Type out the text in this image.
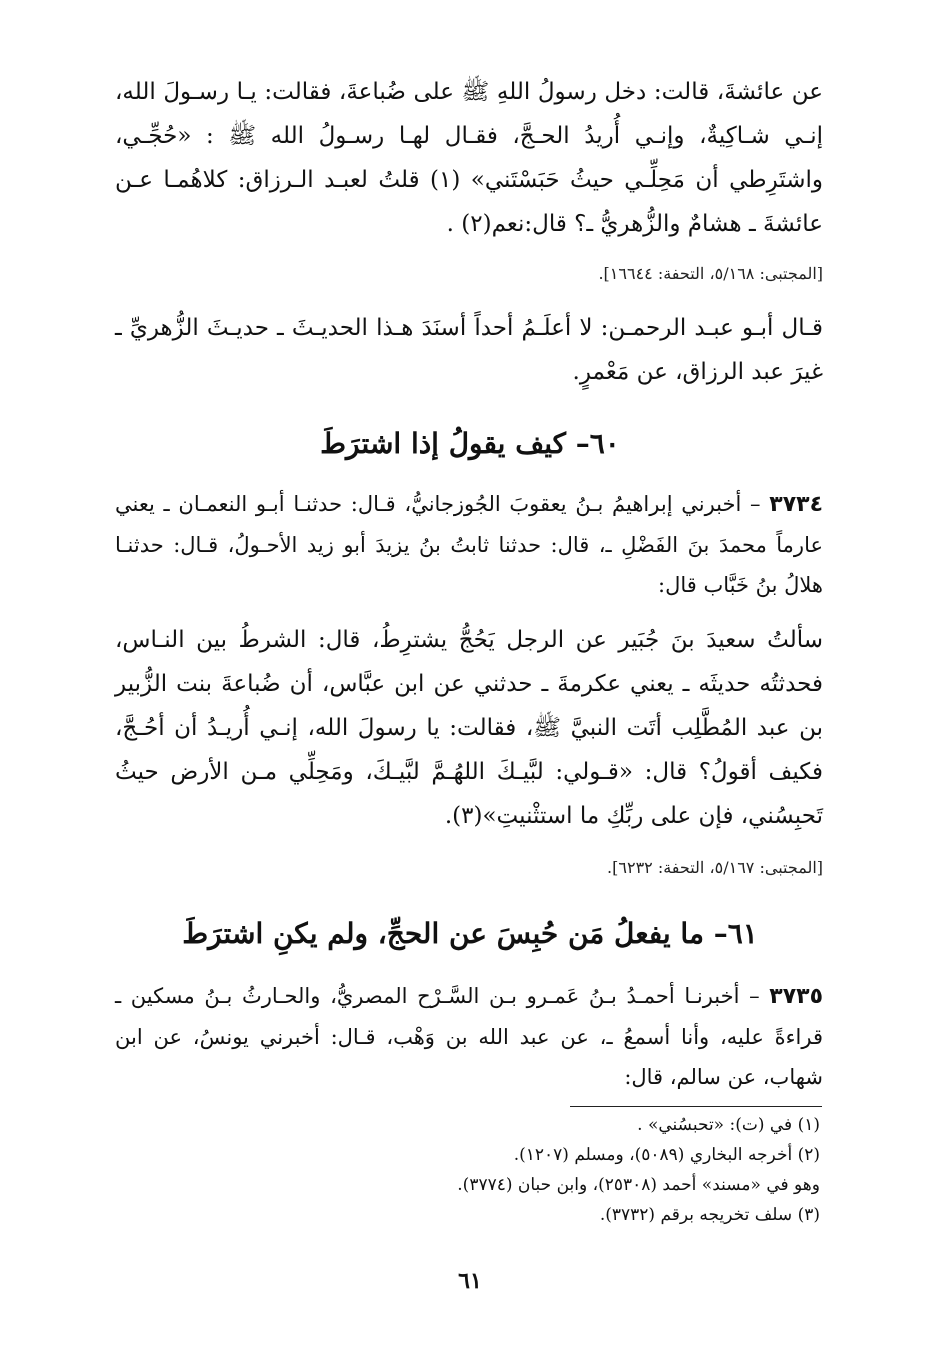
عن عائشةَ، قالت: دخل رسولُ اللهِ ﷺ على ضُباعةَ، فقالت: يـا رسـولَ الله، إنـي شـاكِيةٌ، وإنـي أُريدُ الحـجَّ، فقـال لهـا رسـولُ الله ﷺ : «حُجِّـي، واشتَرِطي أن مَحِلِّـي حيثُ حَبَسْتَني» (١) قلتُ لعبـد الـرزاق: كلاهُمـا عـن عائشةَ ـ هشامٌ والزُّهريُّ ـ؟ قال:نعم(٢) .
[المجتبى: ٥/١٦٨، التحفة: ١٦٦٤٤].
قـال أبـو عبـد الرحمـن: لا أعلَـمُ أحداً أسنَدَ هـذا الحديـثَ ـ حديـثَ الزُّهريِّ ـ غيرَ عبد الرزاق، عن مَعْمرٍ.
٦٠– كيف يقولُ إذا اشترَطَ
٣٧٣٤ – أخبرني إبراهيمُ بـنُ يعقوبَ الجُوزجانيُّ، قـال: حدثنـا أبـو النعمـان ـ يعني عارماً محمدَ بنَ الفَضْلِ ـ، قال: حدثنا ثابتُ بنُ يزيدَ أبو زيد الأحـولُ، قـال: حدثنـا هلالُ بنُ خَبَّاب قال:
سألتُ سعيدَ بنَ جُبَير عن الرجل يَحُجُّ يشترِطُ، قال: الشرطُ بين النـاس، فحدثتُه حديثَه ـ يعني عكرمةَ ـ حدثني عن ابن عبَّاس، أن ضُباعةَ بنت الزُّبير بن عبد المُطَّلِب أتَت النبيَّ ﷺ، فقالت: يا رسولَ الله، إنـي أُريـدُ أن أحُـجَّ، فكيف أقولُ؟ قال: «قـولي: لبَّيـكَ اللهُـمَّ لبَّيـكَ، ومَحِلِّي مـن الأرض حيثُ تَحبِسُني، فإن على ربِّكِ ما استثْنيتِ»(٣).
[المجتبى: ٥/١٦٧، التحفة: ٦٢٣٢].
٦١– ما يفعلُ مَن حُبِسَ عن الحجِّ، ولم يكنِ اشترَطَ
٣٧٣٥ – أخبرنـا أحمـدُ بـنُ عَمـرو بـن السَّـرْح المصريُّ، والحـارثُ بـنُ مسكين ـ قراءةً عليه، وأنا أسمعُ ـ، عن عبد الله بن وَهْب، قـال: أخبرني يونسُ، عن ابن شهاب، عن سالم، قال:
(١) في (ت): «تحبسُني» .
(٢) أخرجه البخاري (٥٠٨٩)، ومسلم (١٢٠٧).
وهو في «مسند» أحمد (٢٥٣٠٨)، وابن حبان (٣٧٧٤).
(٣) سلف تخريجه برقم (٣٧٣٢).
٦١
